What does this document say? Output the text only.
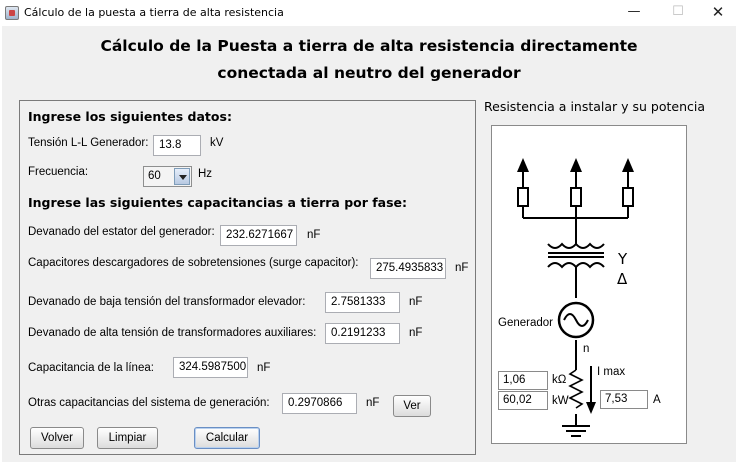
Cálculo de la puesta a tierra de alta resistencia	—	☐	✕
Cálculo de la Puesta a tierra de alta resistencia directamente
conectada al neutro del generador
Ingrese los siguientes datos:
Tensión L-L Generador: 13.8	kV
Frecuencia:	60	Hz
Ingrese las siguientes capacitancias a tierra por fase:
Devanado del estator del generador: 232.6271667	nF
Capacitores descargadores de sobretensiones (surge capacitor):	275.4935833 nF
Devanado de baja tensión del transformador elevador:	2.7581333	nF
Devanado de alta tensión de transformadores auxiliares:	0.2191233	nF
Capacitancia de la línea:	324.5987500 nF
Otras capacitancias del sistema de generación:	0.2970866	nF	Ver
Volver	Limpiar	Calcular
Resistencia a instalar y su potencia
Y
Δ
Generador
n
I max
1,06	kΩ
60,02	kW	7,53	A
